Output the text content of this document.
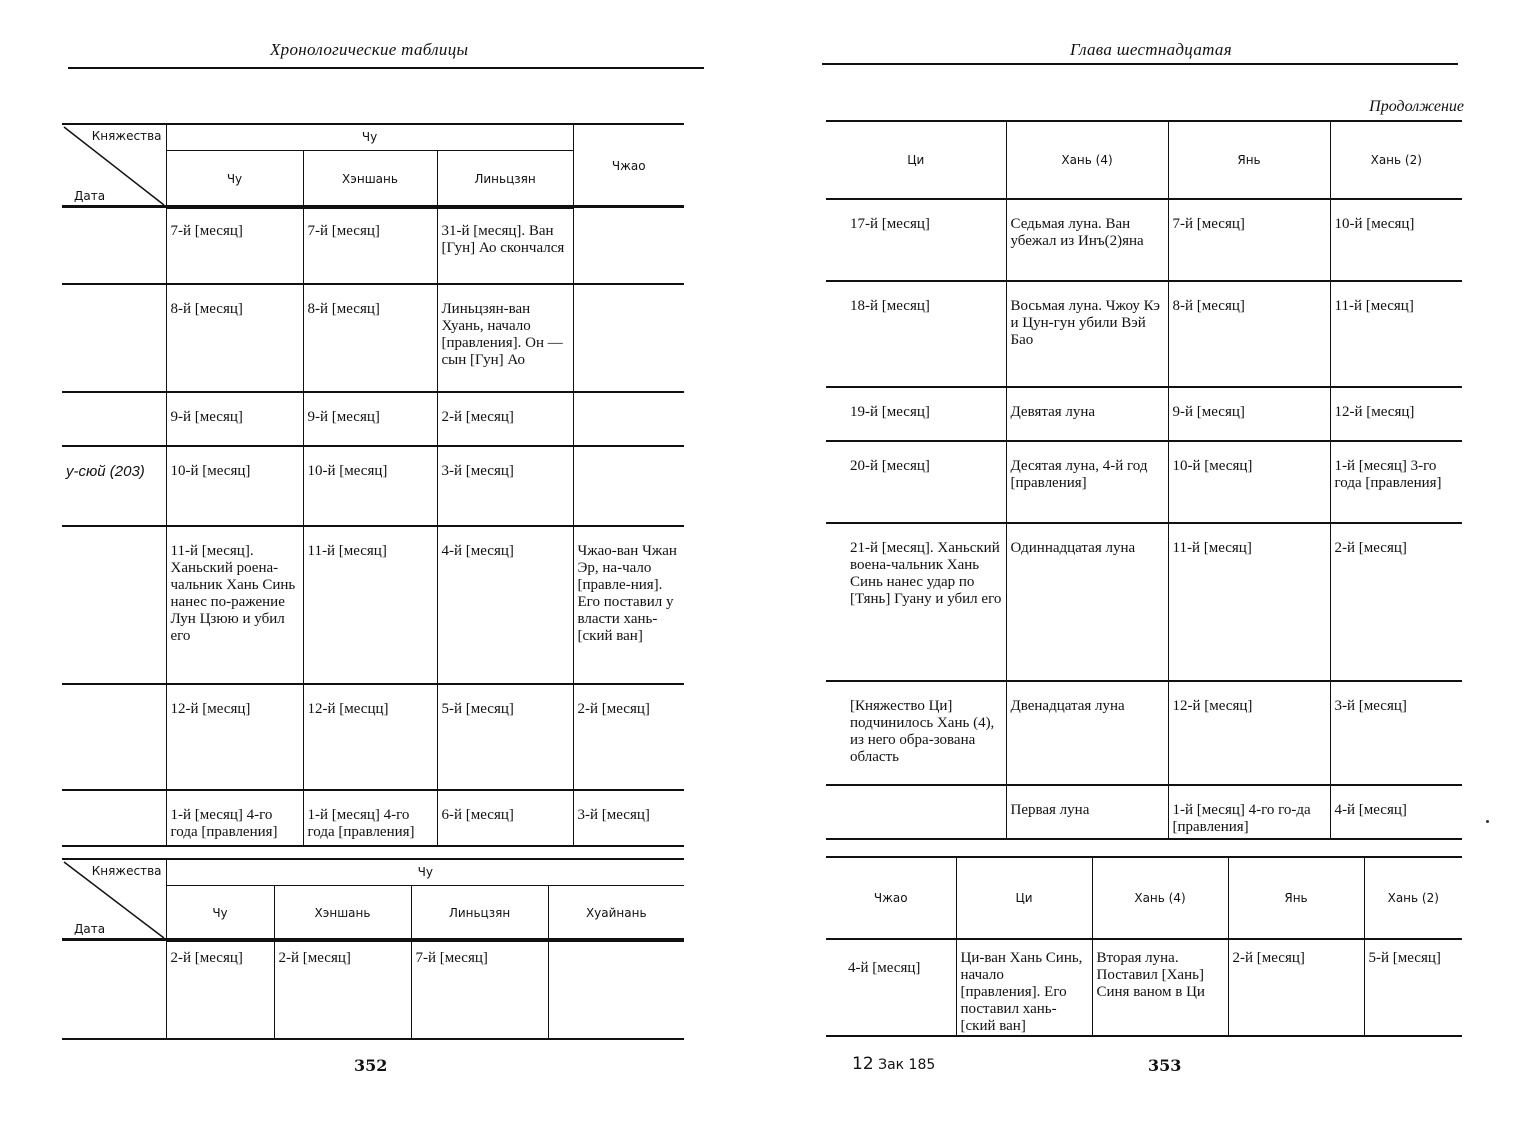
Хронологические таблицы
Княжества
Дата	Чу			Чжао
	Чу	Хэншань	Линьцзян	
	7-й [месяц]	7-й [месяц]	31-й [месяц]. Ван [Гун] Ао скончался	
	8-й [месяц]	8-й [месяц]	Линьцзян-ван Хуань, начало [правления]. Он — сын [Гун] Ао	
	9-й [месяц]	9-й [месяц]	2-й [месяц]	
у-сюй (203)	10-й [месяц]	10-й [месяц]	3-й [месяц]	
	11-й [месяц]. Ханьский роена-чальник Хань Синь нанес по-ражение Лун Цзюю и убил его	11-й [месяц]	4-й [месяц]	Чжао-ван Чжан Эр, на-чало [правле-ния]. Его поставил у власти хань-[ский ван]
	12-й [месяц]	12-й [месцц]	5-й [месяц]	2-й [месяц]
	1-й [месяц] 4-го года [правления]	1-й [месяц] 4-го года [правления]	6-й [месяц]	3-й [месяц]
Княжества
Дата	Чу			
	Чу	Хэншань	Линьцзян	Хуайнань
	2-й [месяц]	2-й [месяц]	7-й [месяц]	
352
Глава шестнадцатая
Продолжение
Ци	Хань (4)	Янь	Хань (2)
17-й [месяц]	Седьмая луна. Ван убежал из Инъ(2)яна	7-й [месяц]	10-й [месяц]
18-й [месяц]	Восьмая луна. Чжоу Кэ и Цун-гун убили Вэй Бао	8-й [месяц]	11-й [месяц]
19-й [месяц]	Девятая луна	9-й [месяц]	12-й [месяц]
20-й [месяц]	Десятая луна, 4-й год [правления]	10-й [месяц]	1-й [месяц] 3-го года [правления]
21-й [месяц]. Ханьский воена-чальник Хань Синь нанес удар по [Тянь] Гуану и убил его	Одиннадцатая луна	11-й [месяц]	2-й [месяц]
[Княжество Ци] подчинилось Хань (4), из него обра-зована область	Двенадцатая луна	12-й [месяц]	3-й [месяц]
	Первая луна	1-й [месяц] 4-го го-да [правления]	4-й [месяц]
Чжао	Ци	Хань (4)	Янь	Хань (2)
4-й [месяц]	Ци-ван Хань Синь, начало [правления]. Его поставил хань-[ский ван]	Вторая луна. Поставил [Хань] Синя ваном в Ци	2-й [месяц]	5-й [месяц]
12 Зак 185	353
